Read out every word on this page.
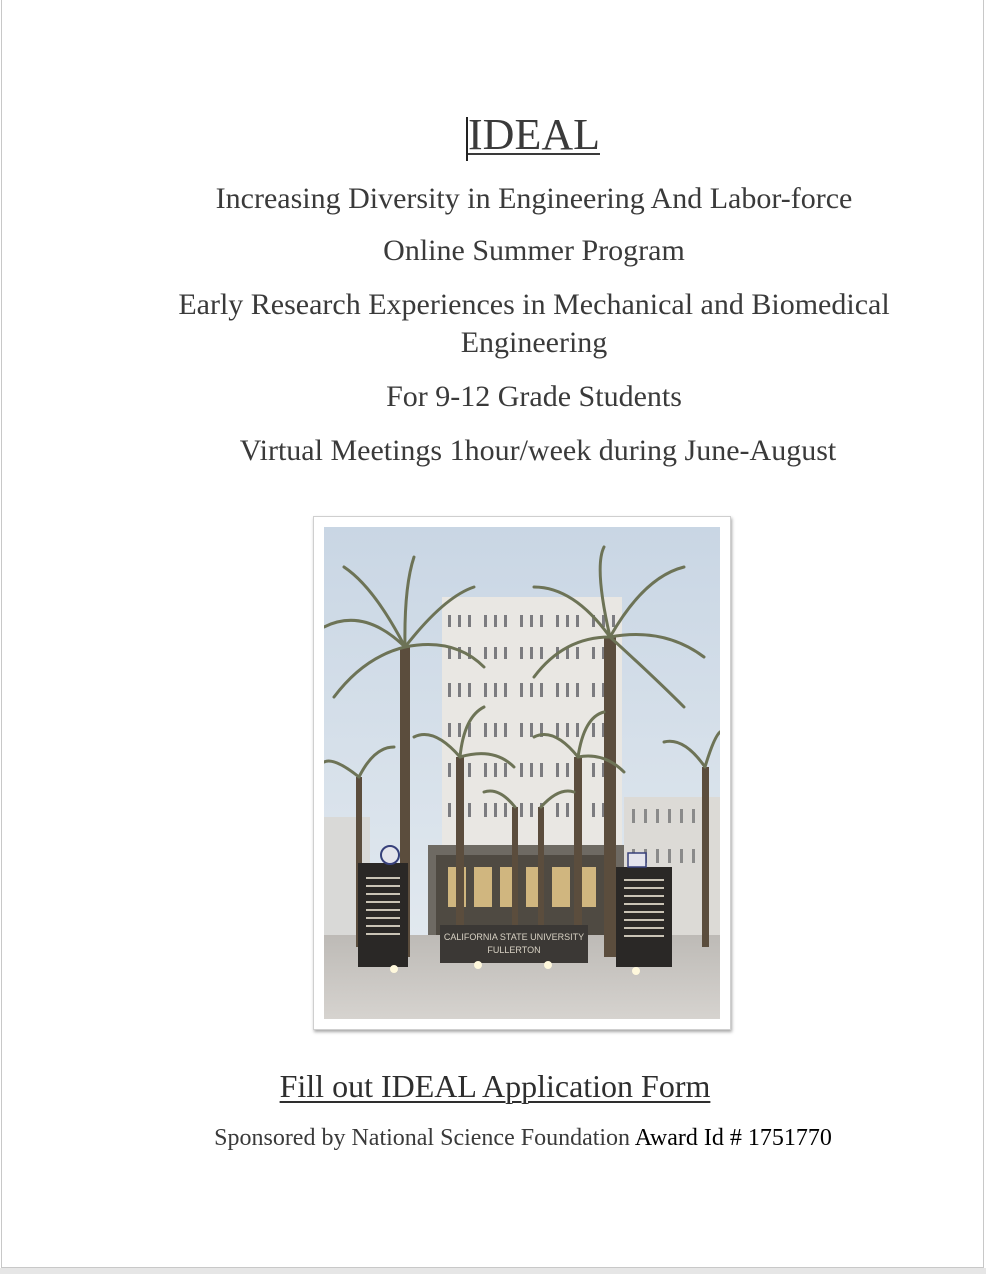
IDEAL
Increasing Diversity in Engineering And Labor-force
Online Summer Program
Early Research Experiences in Mechanical and Biomedical
Engineering
For 9-12 Grade Students
Virtual Meetings 1hour/week during June-August
CALIFORNIA STATE UNIVERSITY
FULLERTON
Fill out IDEAL Application Form
Sponsored by National Science Foundation Award Id # 1751770
